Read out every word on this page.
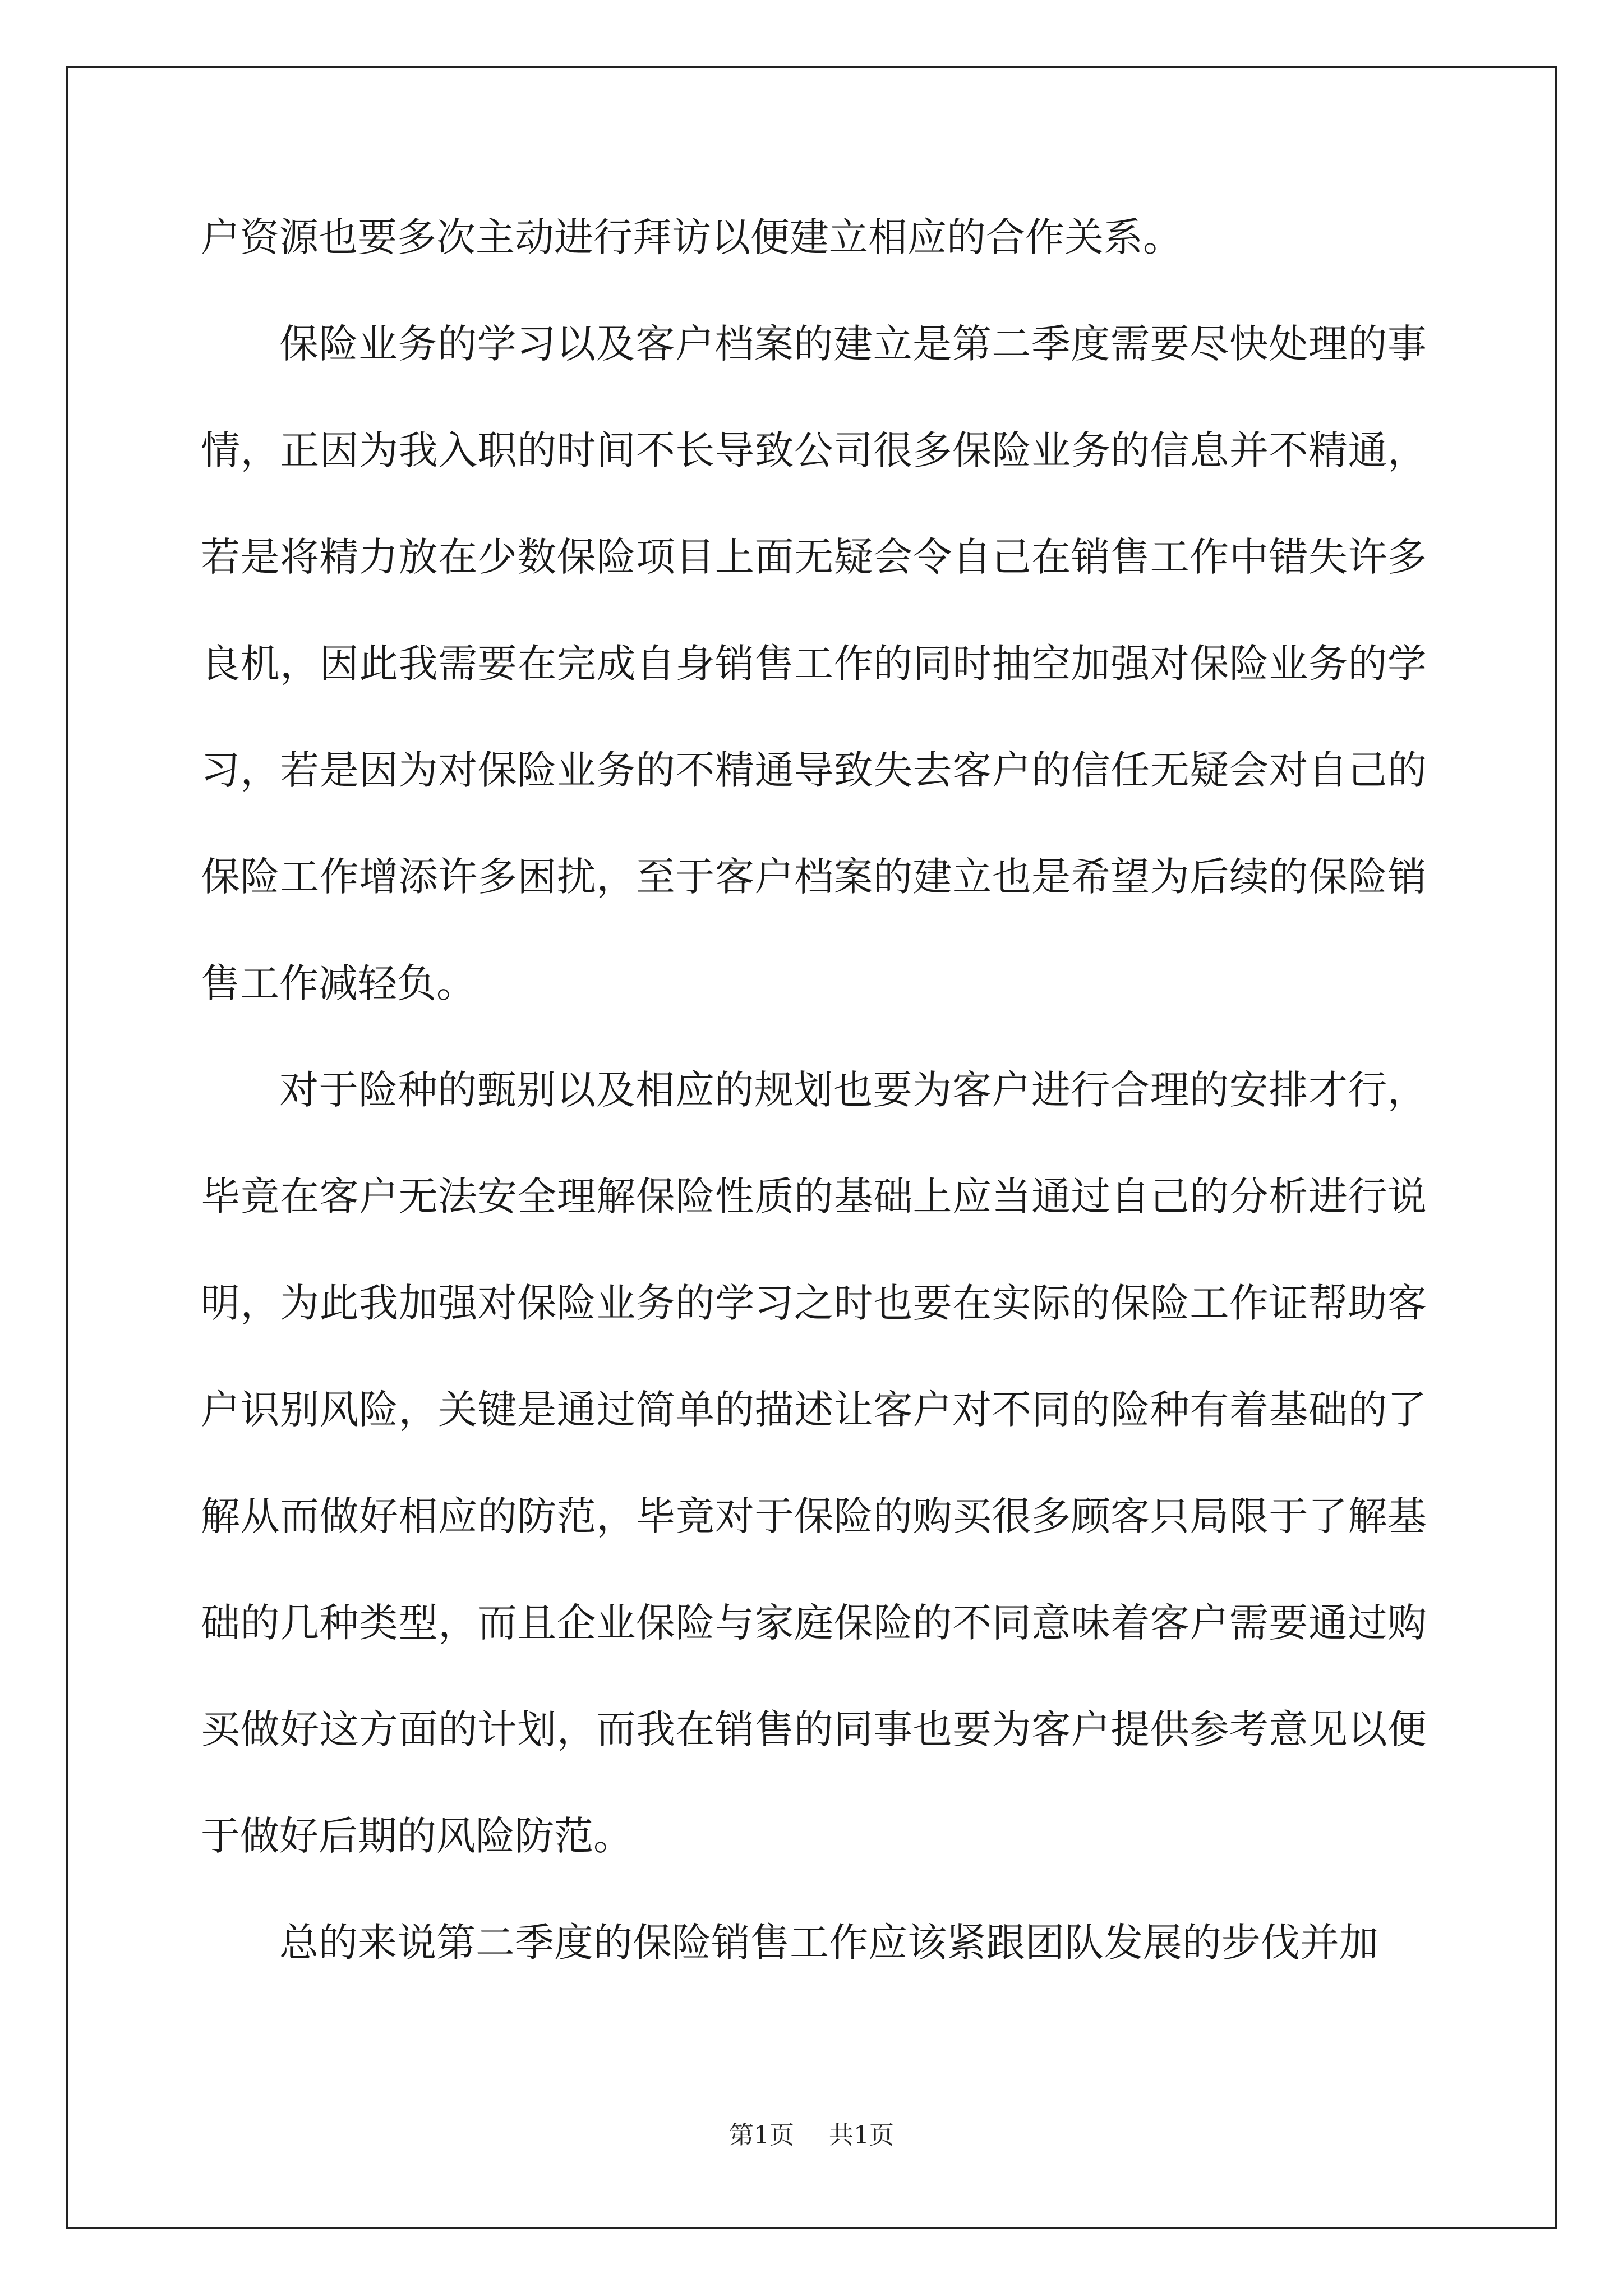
户资源也要多次主动进行拜访以便建立相应的合作关系。

保险业务的学习以及客户档案的建立是第二季度需要尽快处理的事情，正因为我入职的时间不长导致公司很多保险业务的信息并不精通，若是将精力放在少数保险项目上面无疑会令自己在销售工作中错失许多良机，因此我需要在完成自身销售工作的同时抽空加强对保险业务的学习，若是因为对保险业务的不精通导致失去客户的信任无疑会对自己的保险工作增添许多困扰，至于客户档案的建立也是希望为后续的保险销售工作减轻负。

对于险种的甄别以及相应的规划也要为客户进行合理的安排才行，毕竟在客户无法安全理解保险性质的基础上应当通过自己的分析进行说明，为此我加强对保险业务的学习之时也要在实际的保险工作证帮助客户识别风险，关键是通过简单的描述让客户对不同的险种有着基础的了解从而做好相应的防范，毕竟对于保险的购买很多顾客只局限于了解基础的几种类型，而且企业保险与家庭保险的不同意味着客户需要通过购买做好这方面的计划，而我在销售的同事也要为客户提供参考意见以便于做好后期的风险防范。

总的来说第二季度的保险销售工作应该紧跟团队发展的步伐并加

第1页 共1页
